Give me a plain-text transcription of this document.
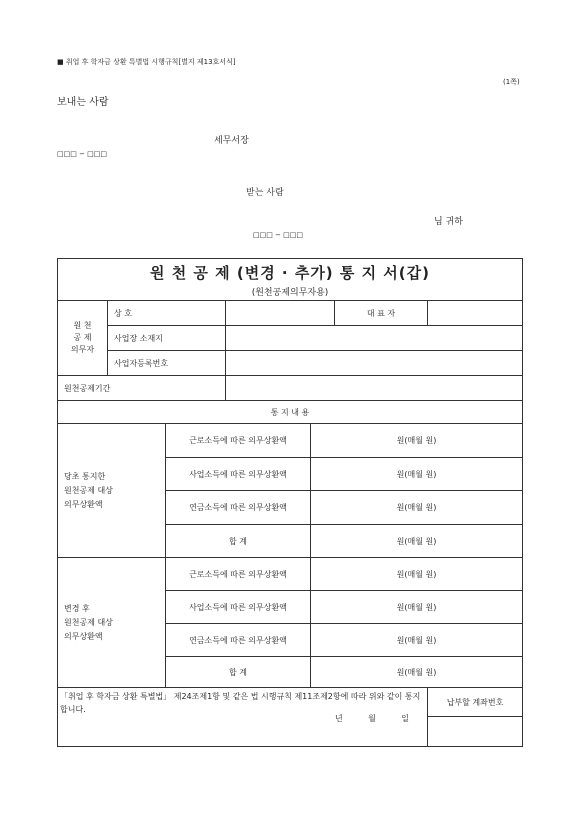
■ 취업 후 학자금 상환 특별법 시행규칙[별지 제13호서식]
(1쪽)
보내는 사람
세무서장
□□□ − □□□
받는 사람
님 귀하
□□□ − □□□
원 천 공 제 (변경 · 추가) 통 지 서(갑)
(원천공제의무자용)						

원 천
공 제
의무자	상 호				대 표 자	
	사업장 소재지					
	사업자등록번호					
원천공제기간						
통 지 내 용						

당초 통지한
원천공제 대상
의무상환액		근로소득에 따른 의무상환액		원(매월 원)		
		사업소득에 따른 의무상환액		원(매월 원)		
		연금소득에 따른 의무상환액		원(매월 원)		
		합 계		원(매월 원)		

변경 후
원천공제 대상
의무상환액		근로소득에 따른 의무상환액		원(매월 원)		
		사업소득에 따른 의무상환액		원(매월 원)		
		연금소득에 따른 의무상환액		원(매월 원)		
		합 계		원(매월 원)		

「취업 후 학자금 상환 특별법」 제24조제1항 및 같은 법 시행규칙 제11조제2항에 따라 위와 같이 통지합니다.
년          월          일						납부할 계좌번호
